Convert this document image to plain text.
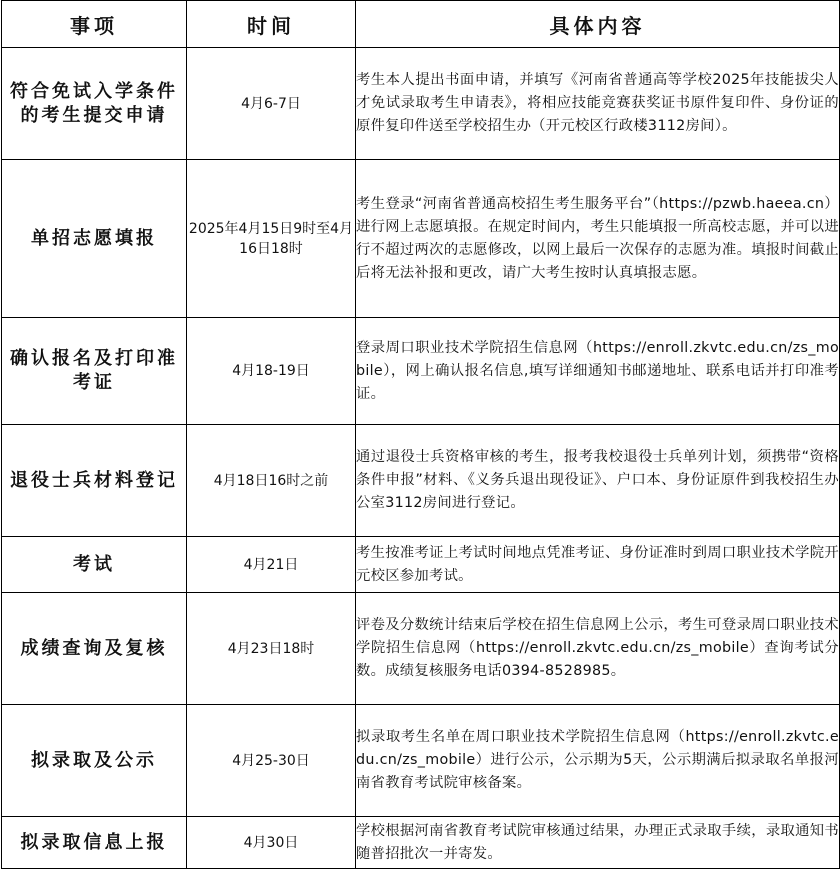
事项	时间	具体内容
符合免试入学条件的考生提交申请	4月6-7日	考生本人提出书面申请，并填写《河南省普通高等学校2025年技能拔尖人才免试录取考生申请表》，将相应技能竞赛获奖证书原件复印件、身份证的原件复印件送至学校招生办（开元校区行政楼3112房间）。
单招志愿填报	2025年4月15日9时至4月16日18时	考生登录“河南省普通高校招生考生服务平台”（https://pzwb.haeea.cn）进行网上志愿填报。在规定时间内，考生只能填报一所高校志愿，并可以进行不超过两次的志愿修改，以网上最后一次保存的志愿为准。填报时间截止后将无法补报和更改，请广大考生按时认真填报志愿。
确认报名及打印准考证	4月18-19日	登录周口职业技术学院招生信息网（https://enroll.zkvtc.edu.cn/zs_mobile），网上确认报名信息,填写详细通知书邮递地址、联系电话并打印准考证。
退役士兵材料登记	4月18日16时之前	通过退役士兵资格审核的考生，报考我校退役士兵单列计划，须携带“资格条件申报”材料、《义务兵退出现役证》、户口本、身份证原件到我校招生办公室3112房间进行登记。
考试	4月21日	考生按准考证上考试时间地点凭准考证、身份证准时到周口职业技术学院开元校区参加考试。
成绩查询及复核	4月23日18时	评卷及分数统计结束后学校在招生信息网上公示，考生可登录周口职业技术学院招生信息网（https://enroll.zkvtc.edu.cn/zs_mobile）查询考试分数。成绩复核服务电话0394-8528985。
拟录取及公示	4月25-30日	拟录取考生名单在周口职业技术学院招生信息网（https://enroll.zkvtc.edu.cn/zs_mobile）进行公示，公示期为5天，公示期满后拟录取名单报河南省教育考试院审核备案。
拟录取信息上报	4月30日	学校根据河南省教育考试院审核通过结果，办理正式录取手续，录取通知书随普招批次一并寄发。
